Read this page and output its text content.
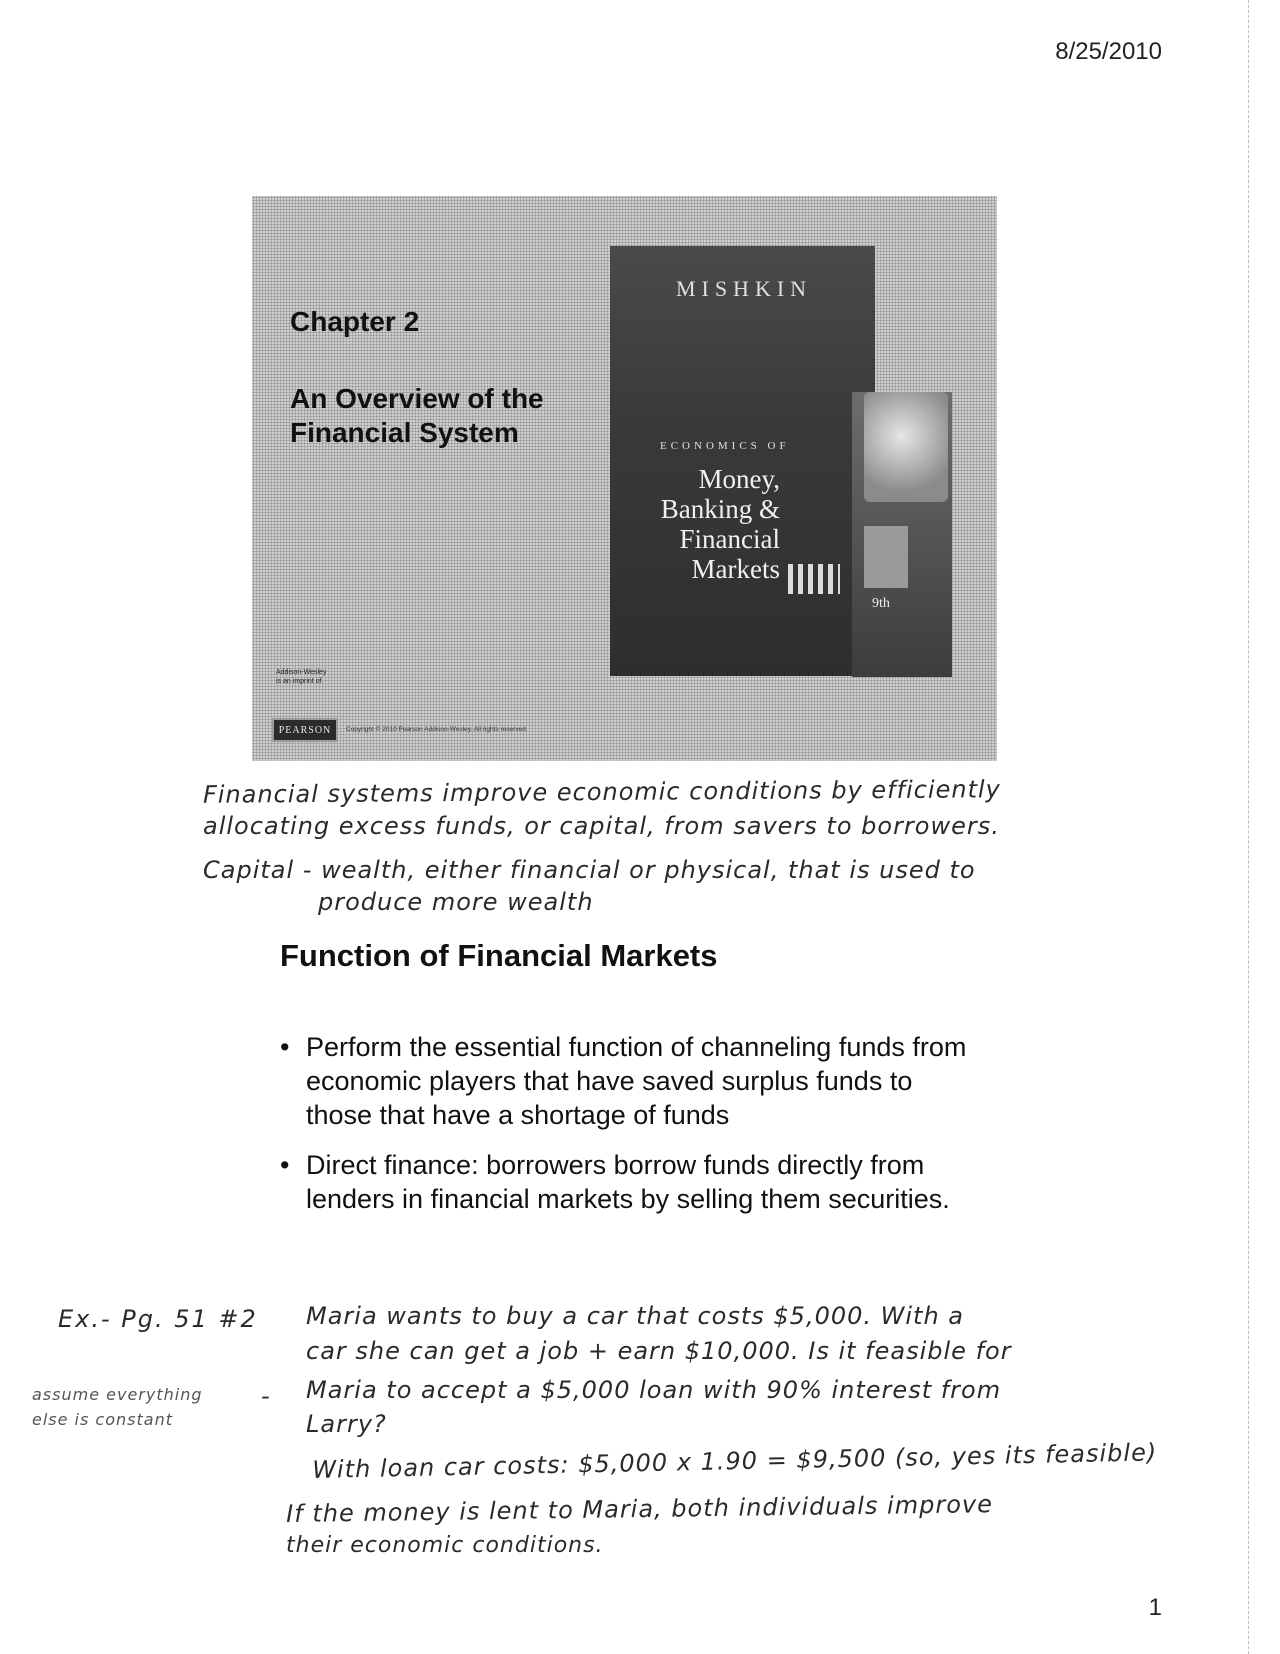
8/25/2010
Chapter 2
An Overview of the Financial System
MISHKIN
ECONOMICS OF
Money, Banking & Financial Markets
9th
Addison-Wesley is an imprint of
PEARSON	Copyright © 2010 Pearson Addison-Wesley. All rights reserved.
Financial systems improve economic conditions by efficiently
allocating excess funds, or capital, from savers to borrowers.
Capital - wealth, either financial or physical, that is used to
produce more wealth
Function of Financial Markets
• Perform the essential function of channeling funds from economic players that have saved surplus funds to those that have a shortage of funds
• Direct finance: borrowers borrow funds directly from lenders in financial markets by selling them securities.
Ex.- Pg. 51 #2 Maria wants to buy a car that costs $5,000. With a
car she can get a job + earn $10,000. Is it feasible for
assume everything
else is constant
- Maria to accept a $5,000 loan with 90% interest from
Larry?
With loan car costs: $5,000 x 1.90 = $9,500 (so, yes its feasible)
If the money is lent to Maria, both individuals improve
their economic conditions.
1
